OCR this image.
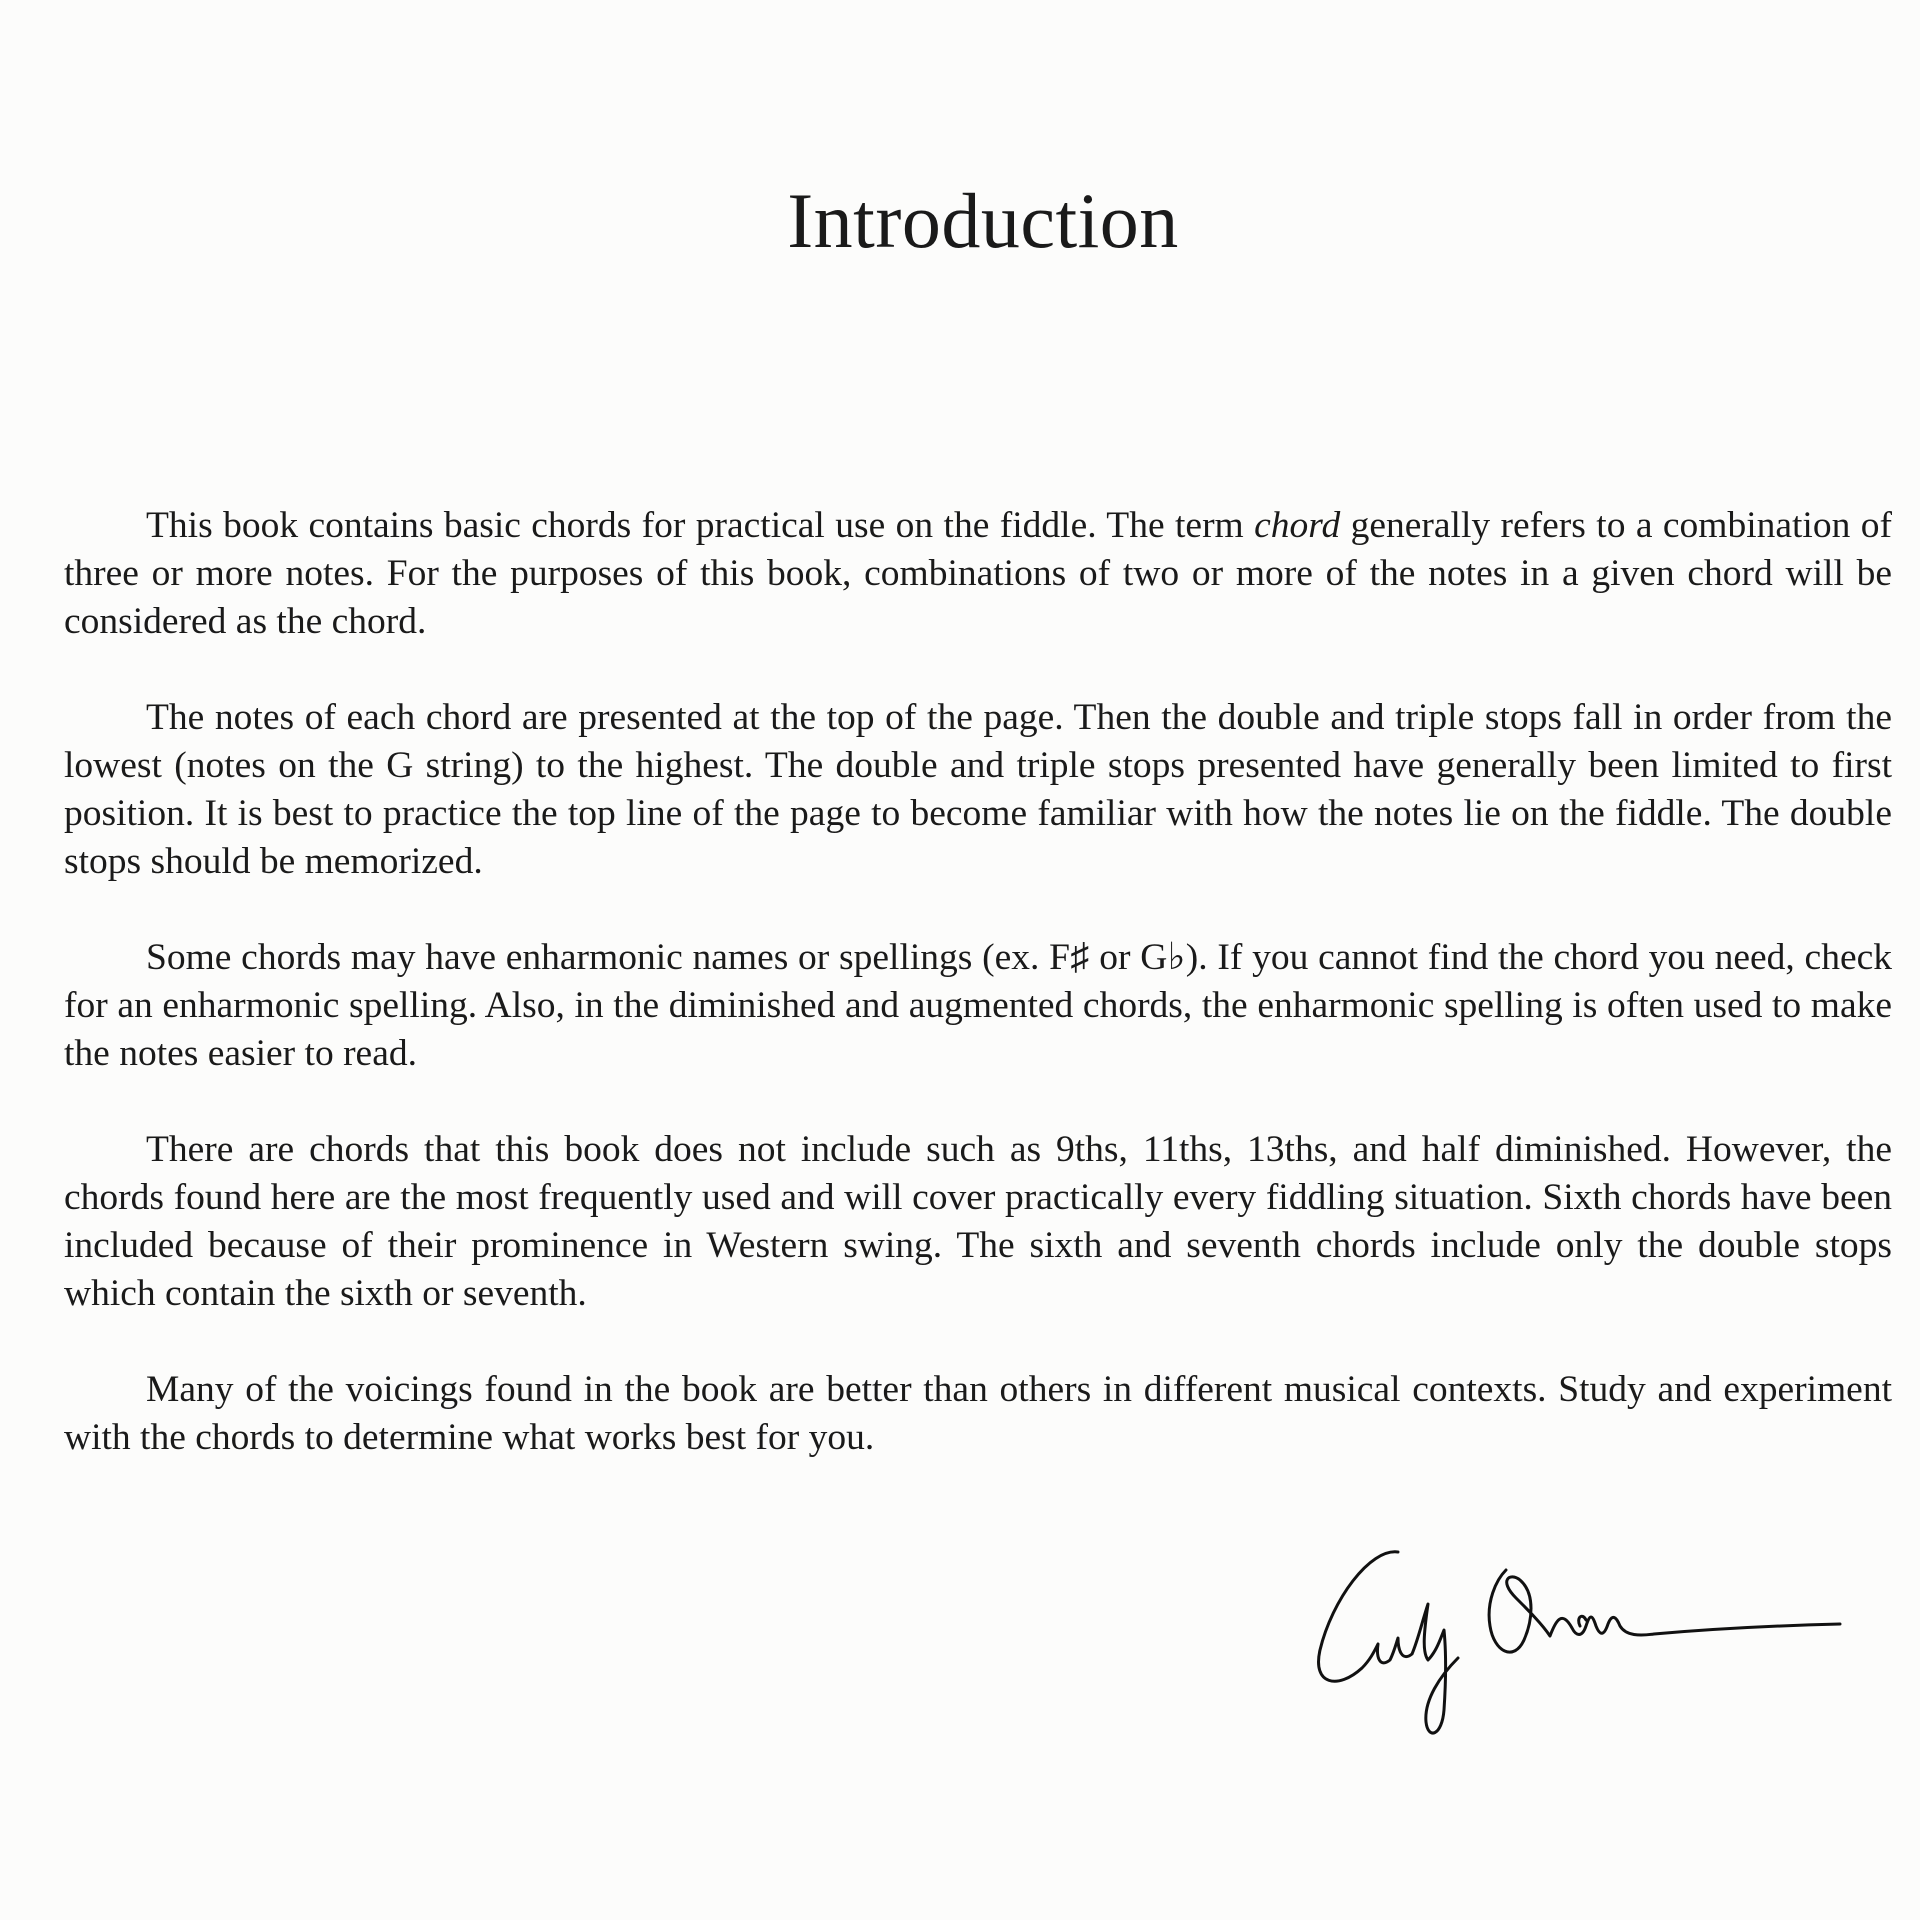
Introduction

This book contains basic chords for practical use on the fiddle. The term chord generally refers to a combination of three or more notes. For the purposes of this book, combinations of two or more of the notes in a given chord will be considered as the chord.

The notes of each chord are presented at the top of the page. Then the double and triple stops fall in order from the lowest (notes on the G string) to the highest. The double and triple stops presented have generally been limited to first position. It is best to practice the top line of the page to become familiar with how the notes lie on the fiddle. The double stops should be memorized.

Some chords may have enharmonic names or spellings (ex. F♯ or G♭). If you cannot find the chord you need, check for an enharmonic spelling. Also, in the diminished and augmented chords, the enharmonic spelling is often used to make the notes easier to read.

There are chords that this book does not include such as 9ths, 11ths, 13ths, and half diminished. However, the chords found here are the most frequently used and will cover practically every fiddling situation. Sixth chords have been included because of their prominence in Western swing. The sixth and seventh chords include only the double stops which contain the sixth or seventh.

Many of the voicings found in the book are better than others in different musical contexts. Study and experiment with the chords to determine what works best for you.
